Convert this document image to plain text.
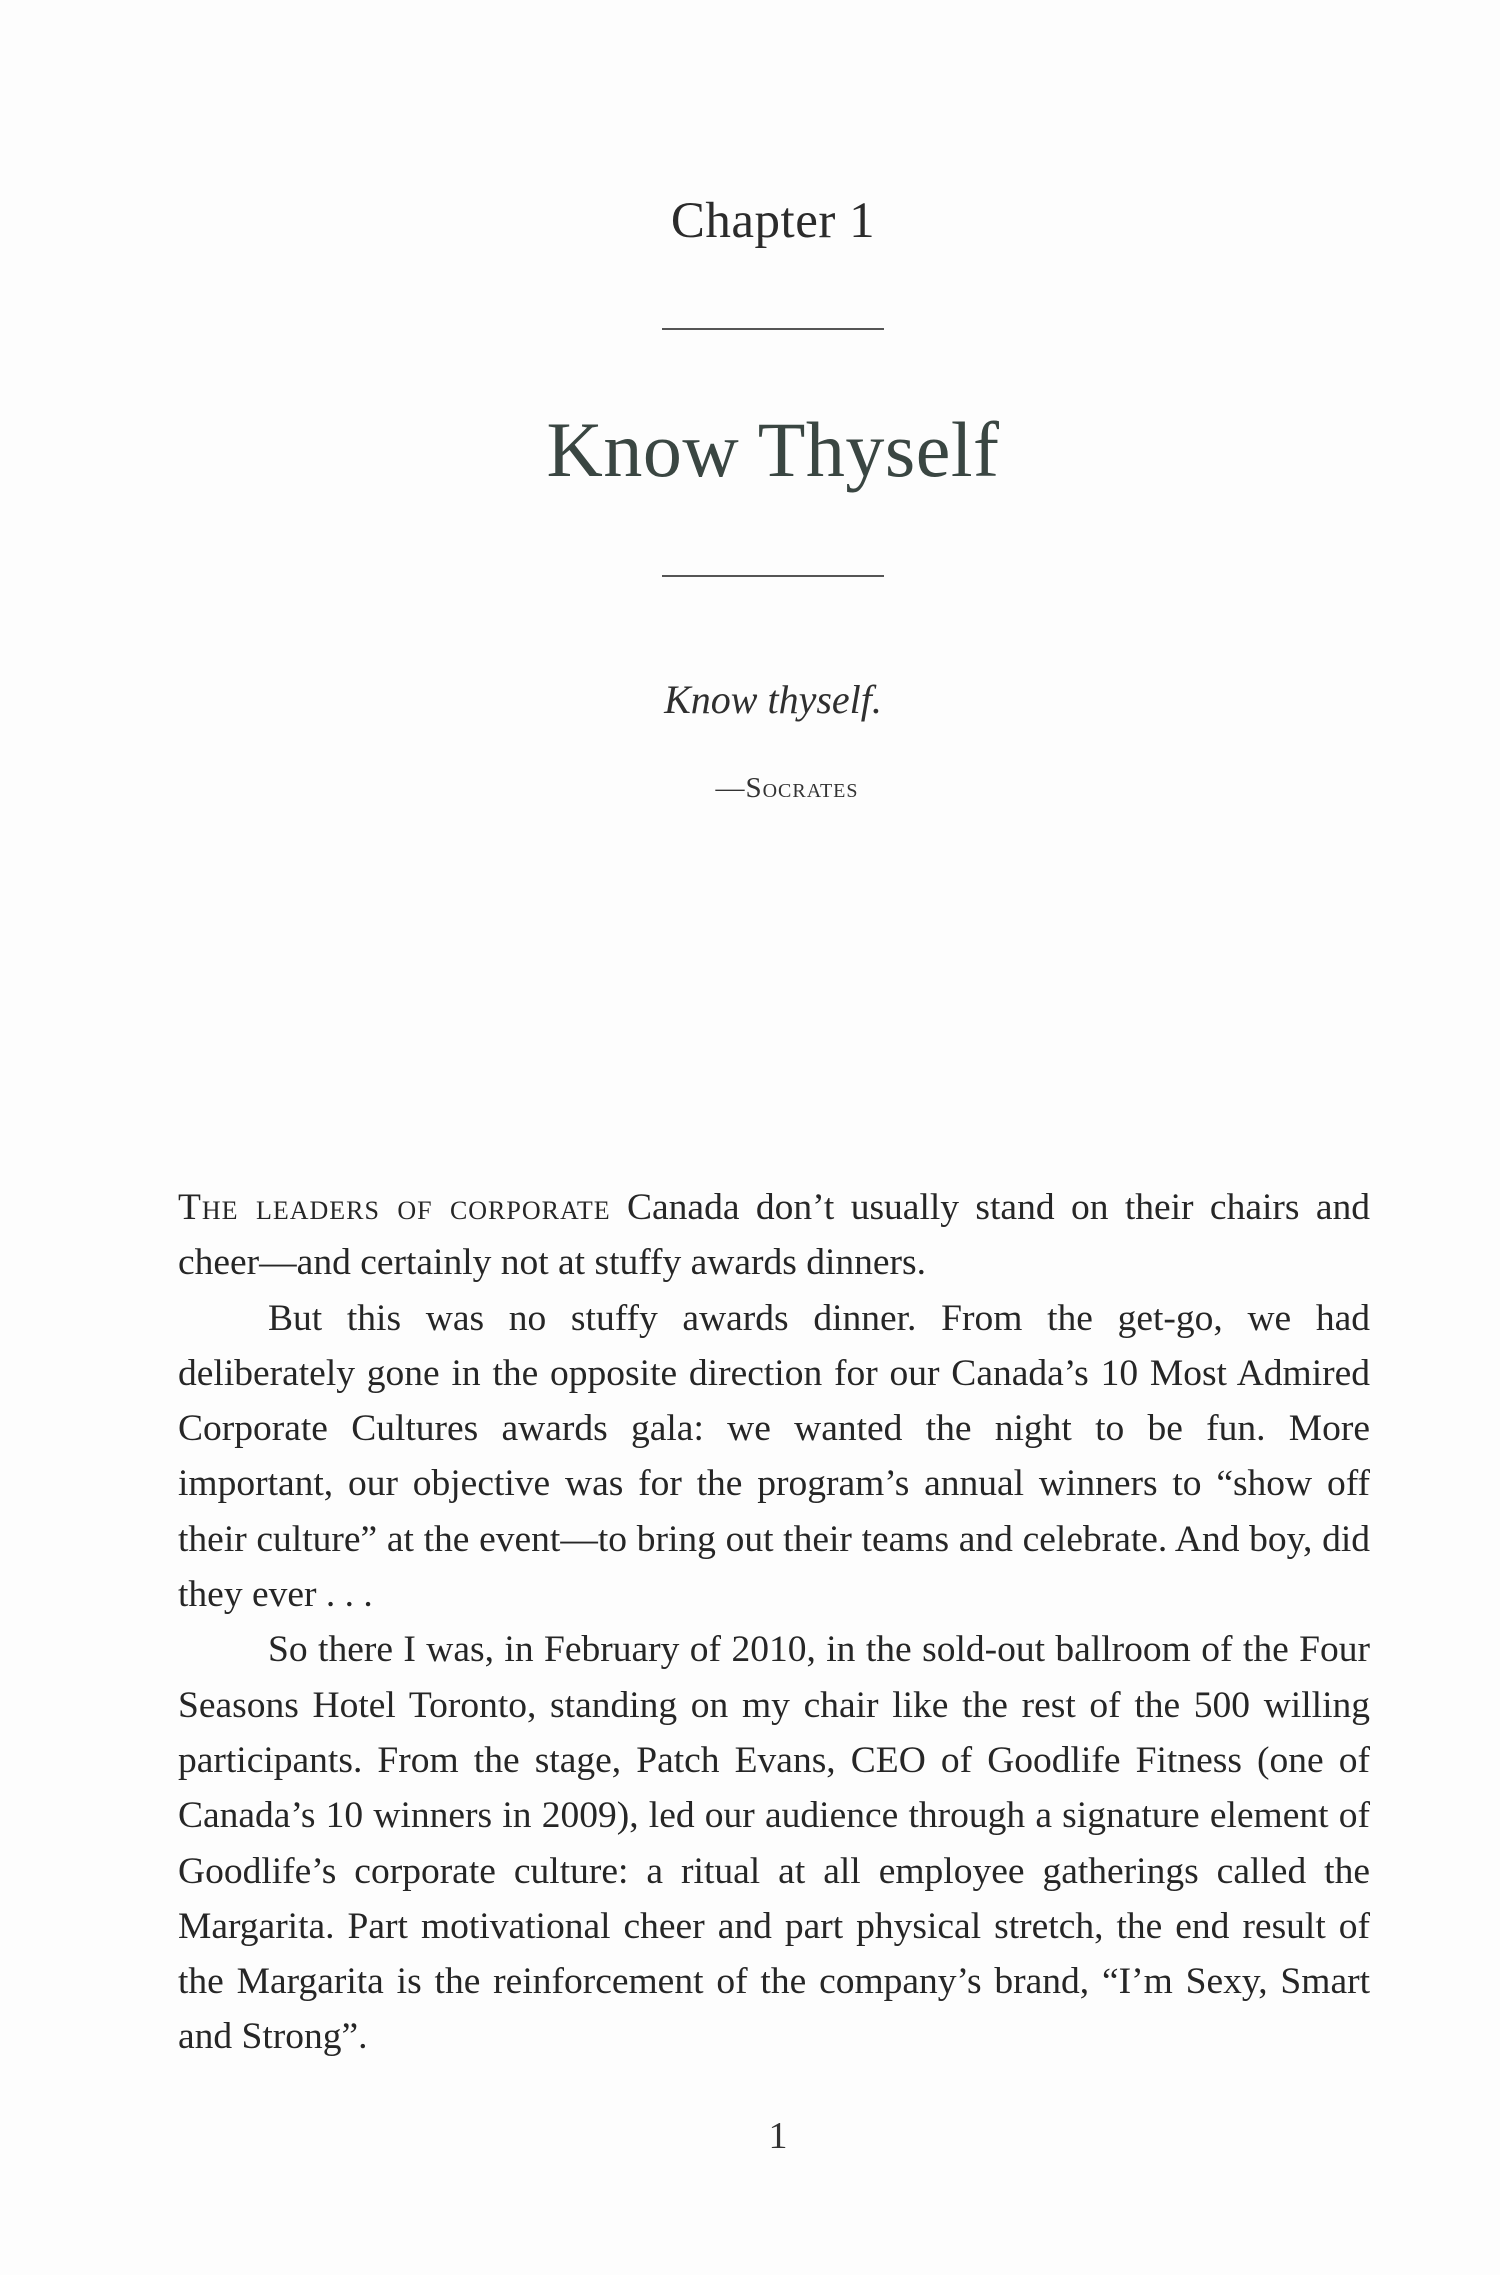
Chapter 1
Know Thyself
Know thyself.
—Socrates

The leaders of corporate Canada don’t usually stand on their chairs and cheer—and certainly not at stuffy awards dinners.

But this was no stuffy awards dinner. From the get-go, we had deliberately gone in the opposite direction for our Canada’s 10 Most Admired Corporate Cultures awards gala: we wanted the night to be fun. More important, our objective was for the program’s annual winners to “show off their culture” at the event—to bring out their teams and celebrate. And boy, did they ever . . .

So there I was, in February of 2010, in the sold-out ballroom of the Four Seasons Hotel Toronto, standing on my chair like the rest of the 500 willing participants. From the stage, Patch Evans, CEO of Goodlife Fitness (one of Canada’s 10 winners in 2009), led our audience through a signature element of Goodlife’s corporate culture: a ritual at all employee gatherings called the Margarita. Part motivational cheer and part physical stretch, the end result of the Margarita is the reinforcement of the company’s brand, “I’m Sexy, Smart and Strong”.

1
